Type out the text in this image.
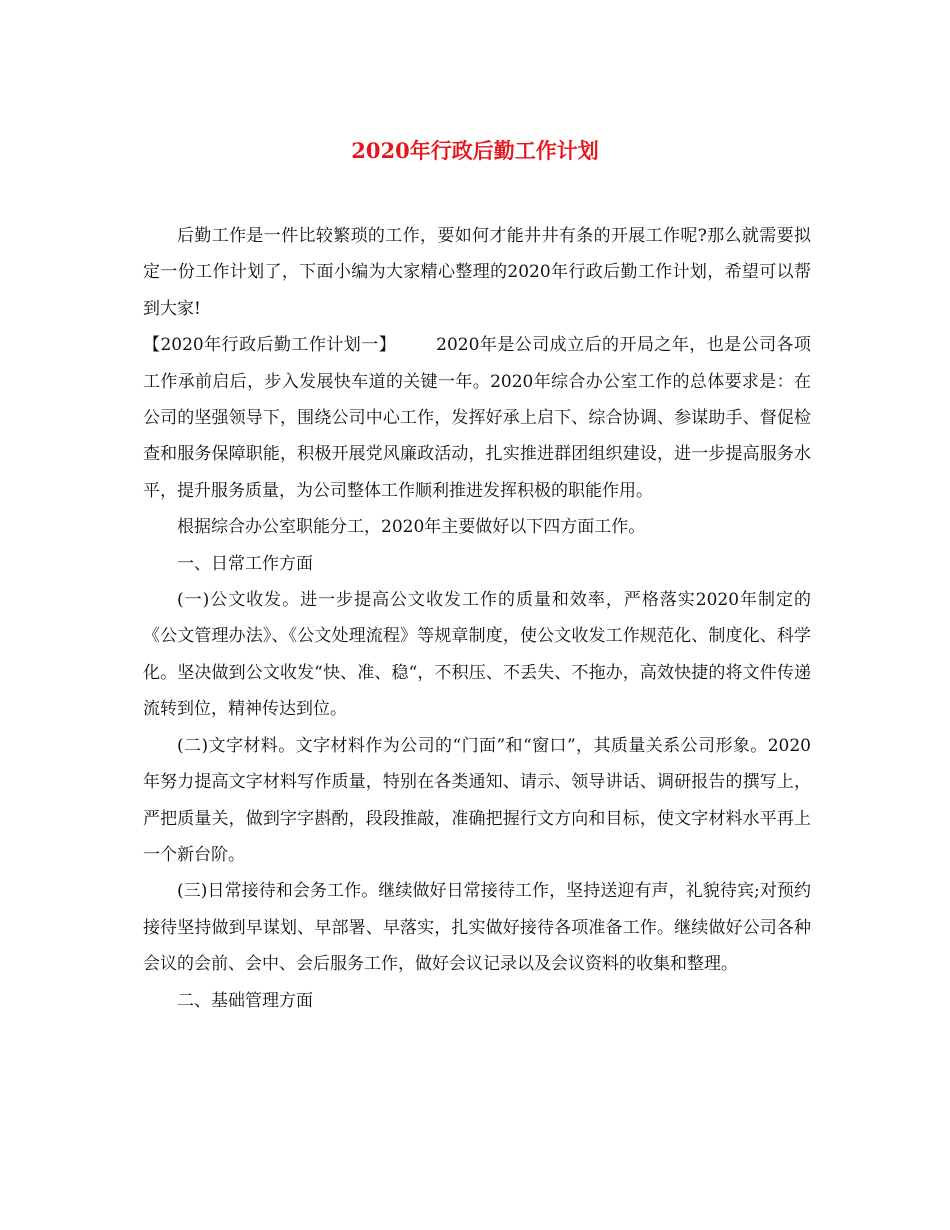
2020年行政后勤工作计划

后勤工作是一件比较繁琐的工作，要如何才能井井有条的开展工作呢?那么就需要拟定一份工作计划了，下面小编为大家精心整理的2020年行政后勤工作计划，希望可以帮到大家!

【2020年行政后勤工作计划一】 2020年是公司成立后的开局之年，也是公司各项工作承前启后，步入发展快车道的关键一年。2020年综合办公室工作的总体要求是：在公司的坚强领导下，围绕公司中心工作，发挥好承上启下、综合协调、参谋助手、督促检查和服务保障职能，积极开展党风廉政活动，扎实推进群团组织建设，进一步提高服务水平，提升服务质量，为公司整体工作顺利推进发挥积极的职能作用。

根据综合办公室职能分工，2020年主要做好以下四方面工作。

一、日常工作方面

(一)公文收发。进一步提高公文收发工作的质量和效率，严格落实2020年制定的《公文管理办法》、《公文处理流程》等规章制度，使公文收发工作规范化、制度化、科学化。坚决做到公文收发“快、准、稳“，不积压、不丢失、不拖办，高效快捷的将文件传递流转到位，精神传达到位。

(二)文字材料。文字材料作为公司的“门面”和“窗口”，其质量关系公司形象。2020年努力提高文字材料写作质量，特别在各类通知、请示、领导讲话、调研报告的撰写上，严把质量关，做到字字斟酌，段段推敲，准确把握行文方向和目标，使文字材料水平再上一个新台阶。

(三)日常接待和会务工作。继续做好日常接待工作，坚持送迎有声，礼貌待宾;对预约接待坚持做到早谋划、早部署、早落实，扎实做好接待各项准备工作。继续做好公司各种会议的会前、会中、会后服务工作，做好会议记录以及会议资料的收集和整理。

二、基础管理方面
